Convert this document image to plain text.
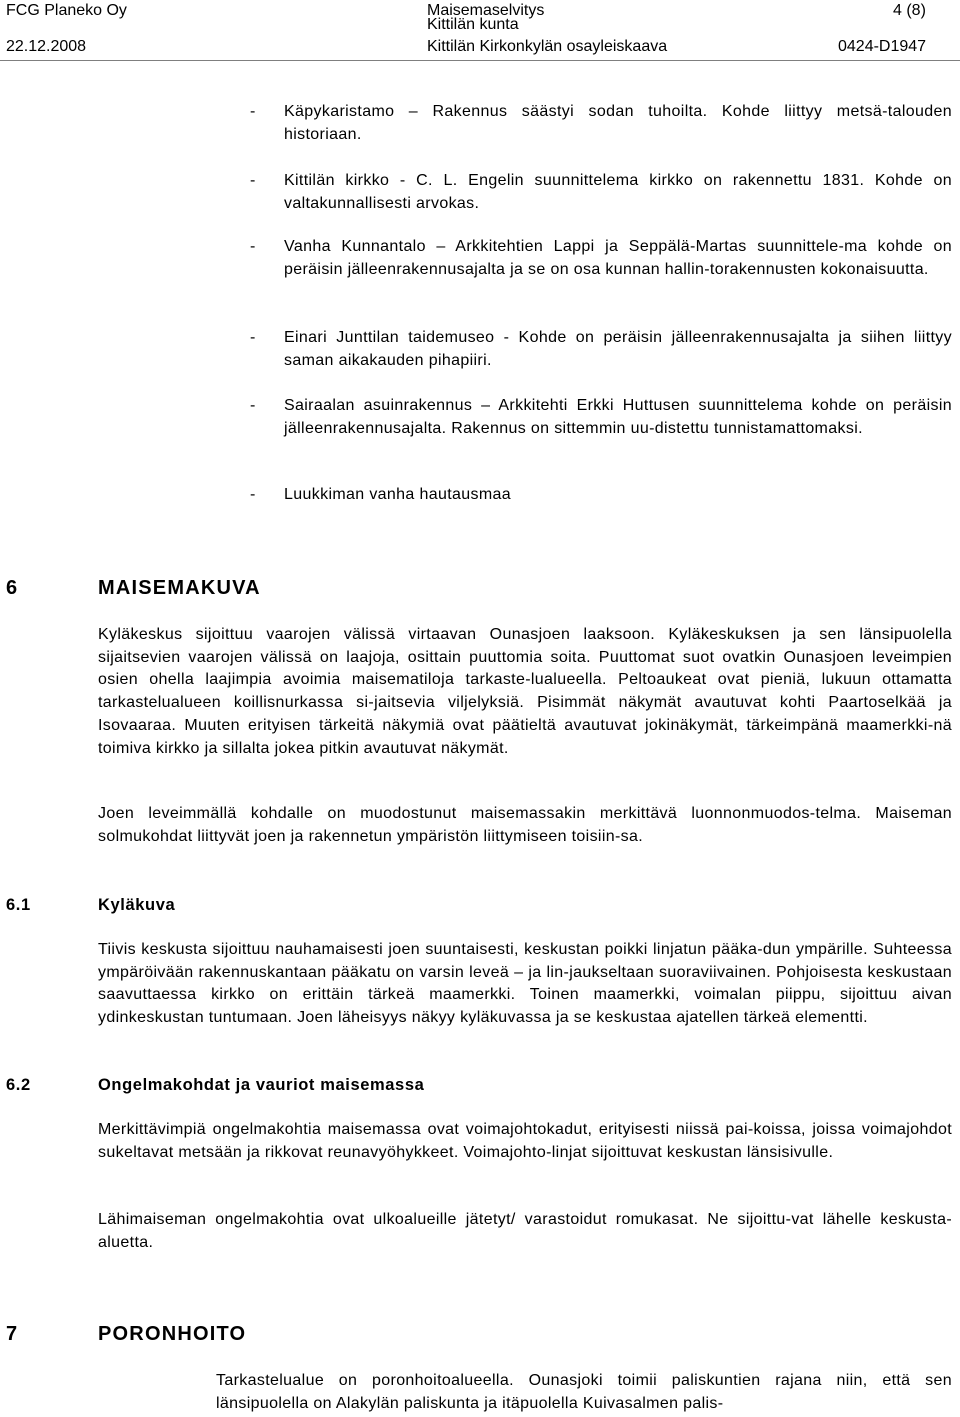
FCG Planeko Oy	Maisemaselvitys	4 (8)
Kittilän kunta
22.12.2008	Kittilän Kirkonkylän osayleiskaava	0424-D1947
- Käpykaristamo – Rakennus säästyi sodan tuhoilta. Kohde liittyy metsä-talouden historiaan.
- Kittilän kirkko - C. L. Engelin suunnittelema kirkko on rakennettu 1831. Kohde on valtakunnallisesti arvokas.
- Vanha Kunnantalo – Arkkitehtien Lappi ja Seppälä-Martas suunnittele-ma kohde on peräisin jälleenrakennusajalta ja se on osa kunnan hallin-torakennusten kokonaisuutta.
- Einari Junttilan taidemuseo - Kohde on peräisin jälleenrakennusajalta ja siihen liittyy saman aikakauden pihapiiri.
- Sairaalan asuinrakennus – Arkkitehti Erkki Huttusen suunnittelema kohde on peräisin jälleenrakennusajalta. Rakennus on sittemmin uu-distettu tunnistamattomaksi.
- Luukkiman vanha hautausmaa
6	MAISEMAKUVA
Kyläkeskus sijoittuu vaarojen välissä virtaavan Ounasjoen laaksoon. Kyläkeskuksen ja sen länsipuolella sijaitsevien vaarojen välissä on laajoja, osittain puuttomia soita. Puuttomat suot ovatkin Ounasjoen leveimpien osien ohella laajimpia avoimia maisematiloja tarkaste-lualueella. Peltoaukeat ovat pieniä, lukuun ottamatta tarkastelualueen koillisnurkassa si-jaitsevia viljelyksiä. Pisimmät näkymät avautuvat kohti Paartoselkää ja Isovaaraa. Muuten erityisen tärkeitä näkymiä ovat päätieltä avautuvat jokinäkymät, tärkeimpänä maamerkki-nä toimiva kirkko ja sillalta jokea pitkin avautuvat näkymät.
Joen leveimmällä kohdalle on muodostunut maisemassakin merkittävä luonnonmuodos-telma. Maiseman solmukohdat liittyvät joen ja rakennetun ympäristön liittymiseen toisiin-sa.
6.1	Kyläkuva
Tiivis keskusta sijoittuu nauhamaisesti joen suuntaisesti, keskustan poikki linjatun pääka-dun ympärille. Suhteessa ympäröivään rakennuskantaan pääkatu on varsin leveä – ja lin-jaukseltaan suoraviivainen. Pohjoisesta keskustaan saavuttaessa kirkko on erittäin tärkeä maamerkki. Toinen maamerkki, voimalan piippu, sijoittuu aivan ydinkeskustan tuntumaan. Joen läheisyys näkyy kyläkuvassa ja se keskustaa ajatellen tärkeä elementti.
6.2	Ongelmakohdat ja vauriot maisemassa
Merkittävimpiä ongelmakohtia maisemassa ovat voimajohtokadut, erityisesti niissä pai-koissa, joissa voimajohdot sukeltavat metsään ja rikkovat reunavyöhykkeet. Voimajohto-linjat sijoittuvat keskustan länsisivulle.
Lähimaiseman ongelmakohtia ovat ulkoalueille jätetyt/ varastoidut romukasat. Ne sijoittu-vat lähelle keskusta-aluetta.
7	PORONHOITO
Tarkastelualue on poronhoitoalueella. Ounasjoki toimii paliskuntien rajana niin, että sen länsipuolella on Alakylän paliskunta ja itäpuolella Kuivasalmen palis-
